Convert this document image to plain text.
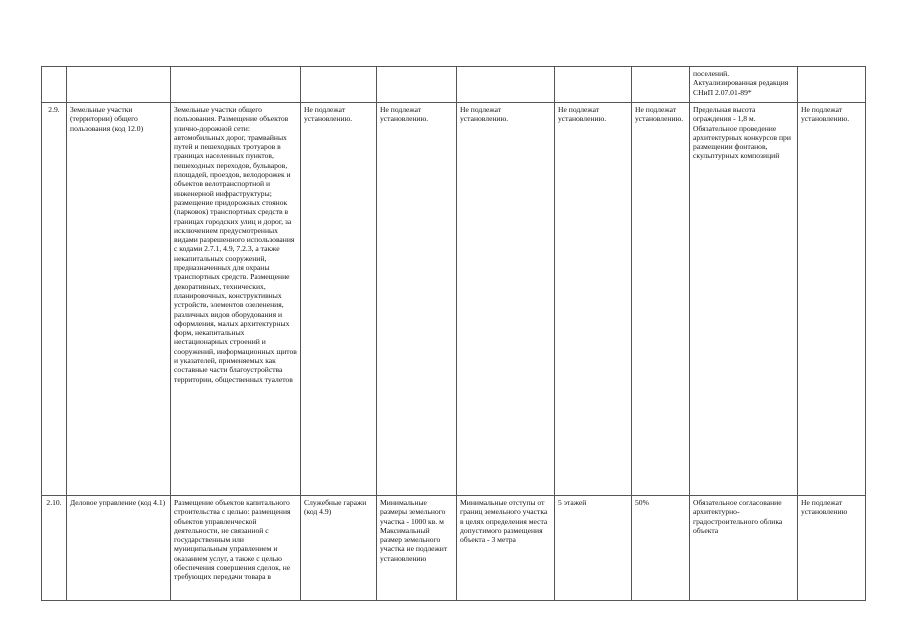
								поселений. Актуализированная редакция СНиП 2.07.01-89*	
2.9.	Земельные участки (территории) общего пользования (код 12.0)	Земельные участки общего пользования. Размещение объектов улично-дорожной сети: автомобильных дорог, трамвайных путей и пешеходных тротуаров в границах населенных пунктов, пешеходных переходов, бульваров, площадей, проездов, велодорожек и объектов велотранспортной и инженерной инфраструктуры; размещение придорожных стоянок (парковок) транспортных средств в границах городских улиц и дорог, за исключением предусмотренных видами разрешенного использования с кодами 2.7.1, 4.9, 7.2.3, а также некапитальных сооружений, предназначенных для охраны транспортных средств. Размещение декоративных, технических, планировочных, конструктивных устройств, элементов озеленения, различных видов оборудования и оформления, малых архитектурных форм, некапитальных нестационарных строений и сооружений, информационных щитов и указателей, применяемых как составные части благоустройства территории, общественных туалетов	Не подлежат установлению.	Не подлежат установлению.	Не подлежат установлению.	Не подлежат установлению.	Не подлежат установлению.	Предельная высота ограждения - 1,8 м. Обязательное проведение архитектурных конкурсов при размещении фонтанов, скульптурных композиций	Не подлежат установлению.
2.10.	Деловое управление (код 4.1)	Размещение объектов капитального строительства с целью: размещения объектов управленческой деятельности, не связанной с государственным или муниципальным управлением и оказанием услуг, а также с целью обеспечения совершения сделок, не требующих передачи товара в	Служебные гаражи (код 4.9)	Минимальные размеры земельного участка - 1000 кв. м Максимальный размер земельного участка не подлежит установлению	Минимальные отступы от границ земельного участка в целях определения места допустимого размещения объекта - 3 метра	5 этажей	50%	Обязательное согласование архитектурно-градостроительного облика объекта	Не подлежат установлению
